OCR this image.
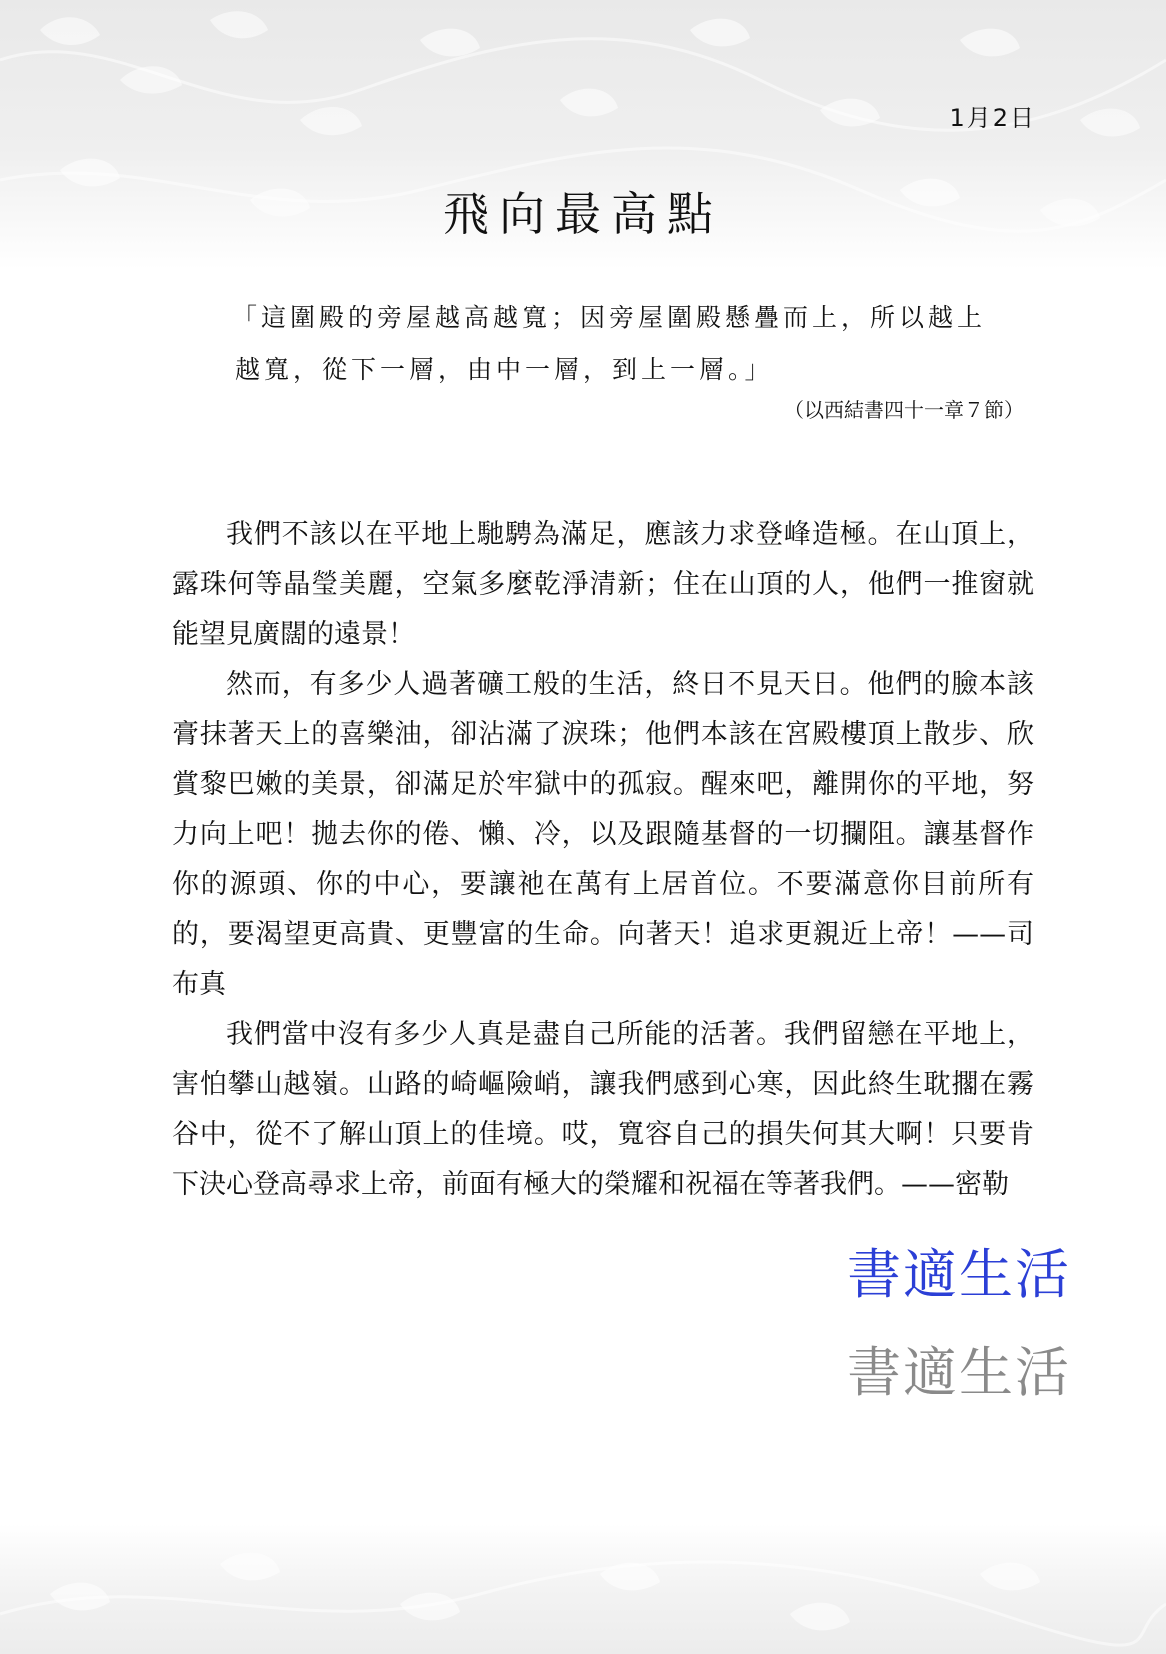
1月2日
飛向最高點
「這圍殿的旁屋越高越寬；因旁屋圍殿懸疊而上，所以越上
越寬，從下一層，由中一層，到上一層。」
（以西結書四十一章７節）

我們不該以在平地上馳騁為滿足，應該力求登峰造極。在山頂上，露珠何等晶瑩美麗，空氣多麼乾淨清新；住在山頂的人，他們一推窗就能望見廣闊的遠景！

然而，有多少人過著礦工般的生活，終日不見天日。他們的臉本該膏抹著天上的喜樂油，卻沾滿了淚珠；他們本該在宮殿樓頂上散步、欣賞黎巴嫩的美景，卻滿足於牢獄中的孤寂。醒來吧，離開你的平地，努力向上吧！拋去你的倦、懶、冷，以及跟隨基督的一切攔阻。讓基督作你的源頭、你的中心，要讓祂在萬有上居首位。不要滿意你目前所有的，要渴望更高貴、更豐富的生命。向著天！追求更親近上帝！——司布真

我們當中沒有多少人真是盡自己所能的活著。我們留戀在平地上，害怕攀山越嶺。山路的崎嶇險峭，讓我們感到心寒，因此終生耽擱在霧谷中，從不了解山頂上的佳境。哎，寬容自己的損失何其大啊！只要肯下決心登高尋求上帝，前面有極大的榮耀和祝福在等著我們。——密勒

書適生活
書適生活
